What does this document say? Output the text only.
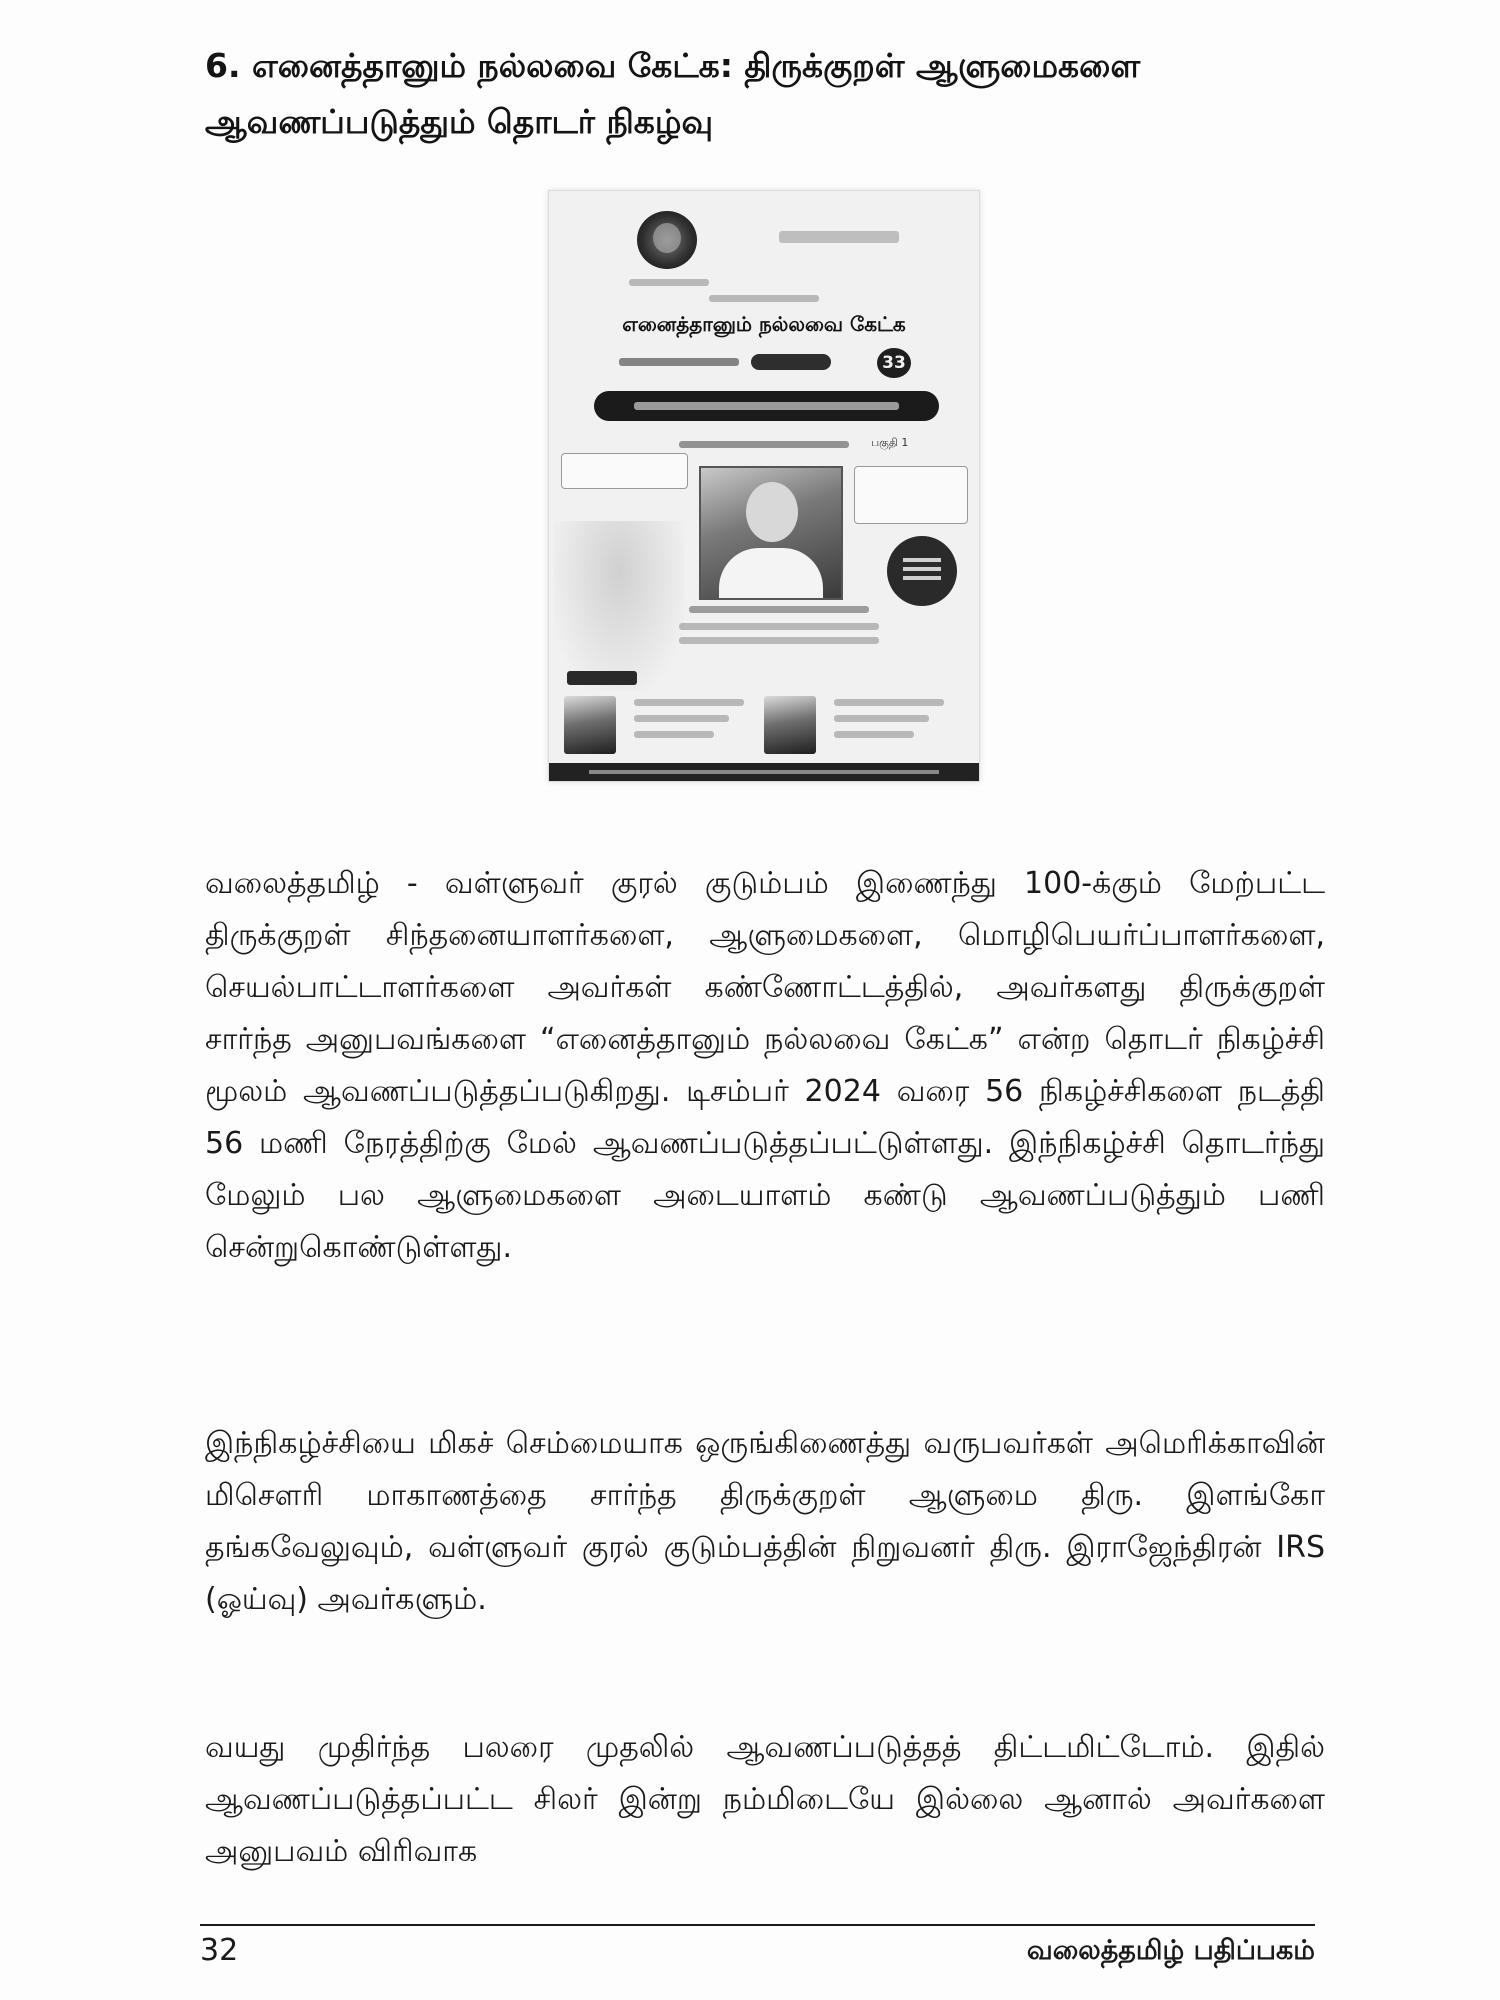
6. எனைத்தானும் நல்லவை கேட்க: திருக்குறள் ஆளுமைகளை
ஆவணப்படுத்தும் தொடர் நிகழ்வு
எனைத்தானும் நல்லவை கேட்க
33
பகுதி 1
வலைத்தமிழ் - வள்ளுவர் குரல் குடும்பம் இணைந்து 100-க்கும் மேற்பட்ட திருக்குறள் சிந்தனையாளர்களை, ஆளுமைகளை, மொழிபெயர்ப்பாளர்களை, செயல்பாட்டாளர்களை அவர்கள் கண்ணோட்டத்தில், அவர்களது திருக்குறள் சார்ந்த அனுபவங்களை “எனைத்தானும் நல்லவை கேட்க” என்ற தொடர் நிகழ்ச்சி மூலம் ஆவணப்படுத்தப்படுகிறது. டிசம்பர் 2024 வரை 56 நிகழ்ச்சிகளை நடத்தி 56 மணி நேரத்திற்கு மேல் ஆவணப்படுத்தப்பட்டுள்ளது. இந்நிகழ்ச்சி தொடர்ந்து மேலும் பல ஆளுமைகளை அடையாளம் கண்டு ஆவணப்படுத்தும் பணி சென்றுகொண்டுள்ளது.
இந்நிகழ்ச்சியை மிகச் செம்மையாக ஒருங்கிணைத்து வருபவர்கள் அமெரிக்காவின் மிசௌரி மாகாணத்தை சார்ந்த திருக்குறள் ஆளுமை திரு. இளங்கோ தங்கவேலுவும், வள்ளுவர் குரல் குடும்பத்தின் நிறுவனர் திரு. இராஜேந்திரன் IRS (ஓய்வு) அவர்களும்.
வயது முதிர்ந்த பலரை முதலில் ஆவணப்படுத்தத் திட்டமிட்டோம். இதில் ஆவணப்படுத்தப்பட்ட சிலர் இன்று நம்மிடையே இல்லை ஆனால் அவர்களை அனுபவம் விரிவாக
32	வலைத்தமிழ் பதிப்பகம்
